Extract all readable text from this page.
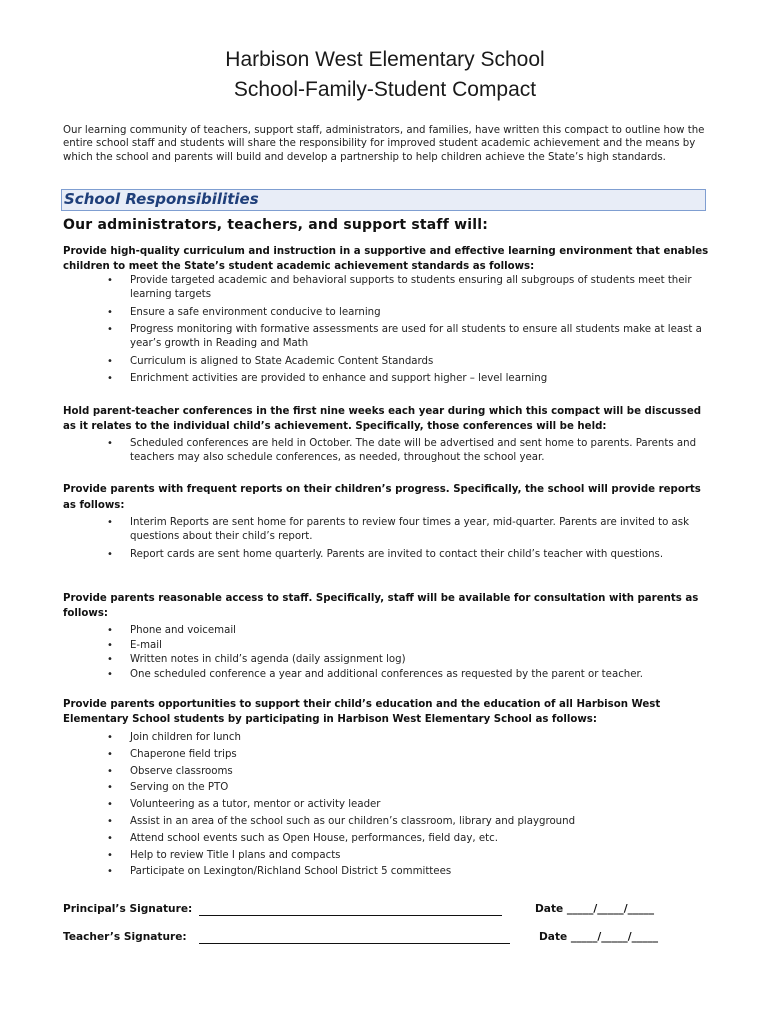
Harbison West Elementary School
School-Family-Student Compact

Our learning community of teachers, support staff, administrators, and families, have written this compact to outline how the entire school staff and students will share the responsibility for improved student academic achievement and the means by which the school and parents will build and develop a partnership to help children achieve the State’s high standards.

School Responsibilities
Our administrators, teachers, and support staff will:
Provide high-quality curriculum and instruction in a supportive and effective learning environment that enables children to meet the State’s student academic achievement standards as follows:
• Provide targeted academic and behavioral supports to students ensuring all subgroups of students meet their learning targets
• Ensure a safe environment conducive to learning
• Progress monitoring with formative assessments are used for all students to ensure all students make at least a year’s growth in Reading and Math
• Curriculum is aligned to State Academic Content Standards
• Enrichment activities are provided to enhance and support higher – level learning
Hold parent-teacher conferences in the first nine weeks each year during which this compact will be discussed as it relates to the individual child’s achievement. Specifically, those conferences will be held:
• Scheduled conferences are held in October. The date will be advertised and sent home to parents. Parents and teachers may also schedule conferences, as needed, throughout the school year.
Provide parents with frequent reports on their children’s progress. Specifically, the school will provide reports as follows:
• Interim Reports are sent home for parents to review four times a year, mid-quarter. Parents are invited to ask questions about their child’s report.
• Report cards are sent home quarterly. Parents are invited to contact their child’s teacher with questions.
Provide parents reasonable access to staff. Specifically, staff will be available for consultation with parents as follows:
• Phone and voicemail
• E-mail
• Written notes in child’s agenda (daily assignment log)
• One scheduled conference a year and additional conferences as requested by the parent or teacher.
Provide parents opportunities to support their child’s education and the education of all Harbison West Elementary School students by participating in Harbison West Elementary School as follows:
• Join children for lunch
• Chaperone field trips
• Observe classrooms
• Serving on the PTO
• Volunteering as a tutor, mentor or activity leader
• Assist in an area of the school such as our children’s classroom, library and playground
• Attend school events such as Open House, performances, field day, etc.
• Help to review Title I plans and compacts
• Participate on Lexington/Richland School District 5 committees
Principal’s Signature:	Date _____/_____/_____
Teacher’s Signature:	Date _____/_____/_____
